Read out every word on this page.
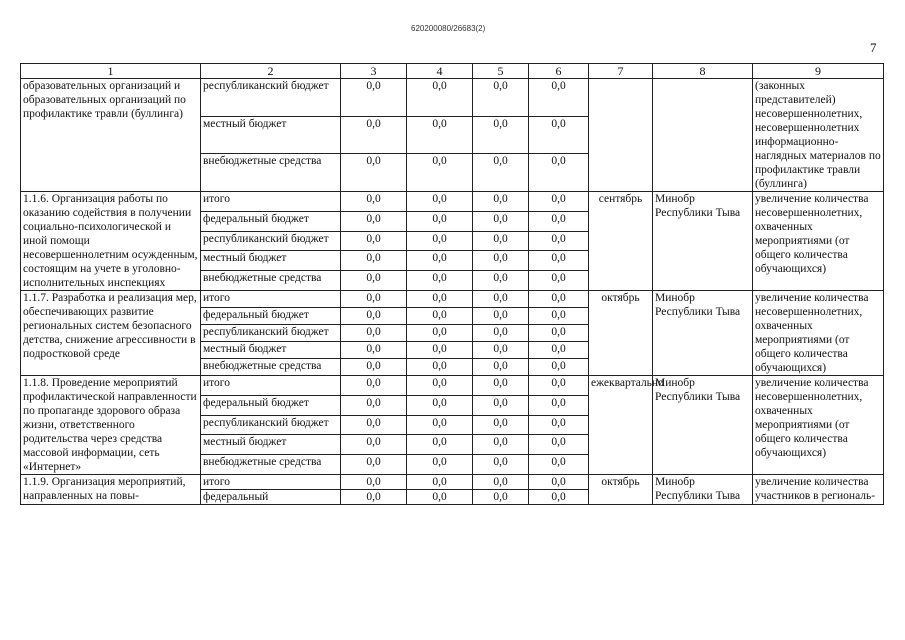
620200080/26683(2)
7
1	2	3	4	5	6	7	8	9
образовательных организаций и образовательных организаций по профилактике травли (буллинга)	республиканский бюджет	0,0	0,0	0,0	0,0			(законных представителей) несовершеннолетних, несовершеннолетних информационно-наглядных материалов по профилактике травли (буллинга)
	местный бюджет	0,0	0,0	0,0	0,0			
	внебюджетные средства	0,0	0,0	0,0	0,0			
1.1.6. Организация работы по оказанию содействия в получении социально-психологической и иной помощи несовершеннолетним осужденным, состоящим на учете в уголовно-исполнительных инспекциях	итого	0,0	0,0	0,0	0,0	сентябрь	Минобр Республики Тыва	увеличение количества несовершеннолетних, охваченных мероприятиями (от общего количества обучающихся)
	федеральный бюджет	0,0	0,0	0,0	0,0			
	республиканский бюджет	0,0	0,0	0,0	0,0			
	местный бюджет	0,0	0,0	0,0	0,0			
	внебюджетные средства	0,0	0,0	0,0	0,0			
1.1.7. Разработка и реализация мер, обеспечивающих развитие региональных систем безопасного детства, снижение агрессивности в подростковой среде	итого	0,0	0,0	0,0	0,0	октябрь	Минобр Республики Тыва	увеличение количества несовершеннолетних, охваченных мероприятиями (от общего количества обучающихся)
	федеральный бюджет	0,0	0,0	0,0	0,0			
	республиканский бюджет	0,0	0,0	0,0	0,0			
	местный бюджет	0,0	0,0	0,0	0,0			
	внебюджетные средства	0,0	0,0	0,0	0,0			
1.1.8. Проведение мероприятий профилактической направленности по пропаганде здорового образа жизни, ответственного родительства через средства массовой информации, сеть «Интернет»	итого	0,0	0,0	0,0	0,0	ежеквартально	Минобр Республики Тыва	увеличение количества несовершеннолетних, охваченных мероприятиями (от общего количества обучающихся)
	федеральный бюджет	0,0	0,0	0,0	0,0			
	республиканский бюджет	0,0	0,0	0,0	0,0			
	местный бюджет	0,0	0,0	0,0	0,0			
	внебюджетные средства	0,0	0,0	0,0	0,0			
1.1.9. Организация мероприятий, направленных на повы-	итого	0,0	0,0	0,0	0,0	октябрь	Минобр Республики Тыва	увеличение количества участников в региональ-
	федеральный	0,0	0,0	0,0	0,0			
